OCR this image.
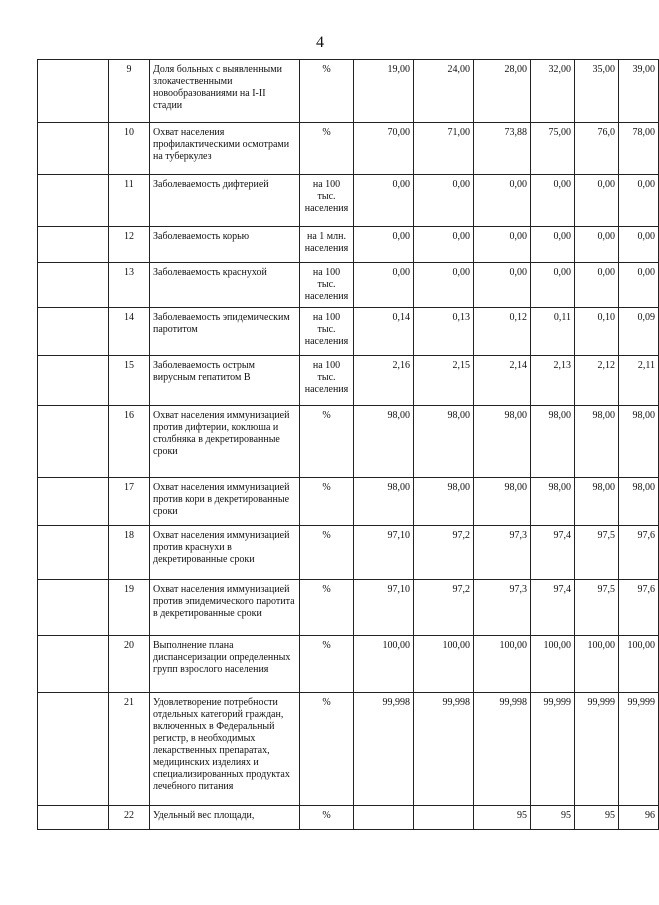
4
	9	Доля больных с выявленными злокачественными новообразованиями на I-II стадии	%	19,00	24,00	28,00	32,00	35,00	39,00
	10	Охват населения профилактическими осмотрами на туберкулез	%	70,00	71,00	73,88	75,00	76,0	78,00
	11	Заболеваемость дифтерией	на 100 тыс. населения	0,00	0,00	0,00	0,00	0,00	0,00
	12	Заболеваемость корью	на 1 млн. населения	0,00	0,00	0,00	0,00	0,00	0,00
	13	Заболеваемость краснухой	на 100 тыс. населения	0,00	0,00	0,00	0,00	0,00	0,00
	14	Заболеваемость эпидемическим паротитом	на 100 тыс. населения	0,14	0,13	0,12	0,11	0,10	0,09
	15	Заболеваемость острым вирусным гепатитом В	на 100 тыс. населения	2,16	2,15	2,14	2,13	2,12	2,11
	16	Охват населения иммунизацией против дифтерии, коклюша и столбняка в декретированные сроки	%	98,00	98,00	98,00	98,00	98,00	98,00
	17	Охват населения иммунизацией против кори в декретированные сроки	%	98,00	98,00	98,00	98,00	98,00	98,00
	18	Охват населения иммунизацией против краснухи в декретированные сроки	%	97,10	97,2	97,3	97,4	97,5	97,6
	19	Охват населения иммунизацией против эпидемического паротита в декретированные сроки	%	97,10	97,2	97,3	97,4	97,5	97,6
	20	Выполнение плана диспансеризации определенных групп взрослого населения	%	100,00	100,00	100,00	100,00	100,00	100,00
	21	Удовлетворение потребности отдельных категорий граждан, включенных в Федеральный регистр, в необходимых лекарственных препаратах, медицинских изделиях и специализированных продуктах лечебного питания	%	99,998	99,998	99,998	99,999	99,999	99,999
	22	Удельный вес площади,	%			95	95	95	96
